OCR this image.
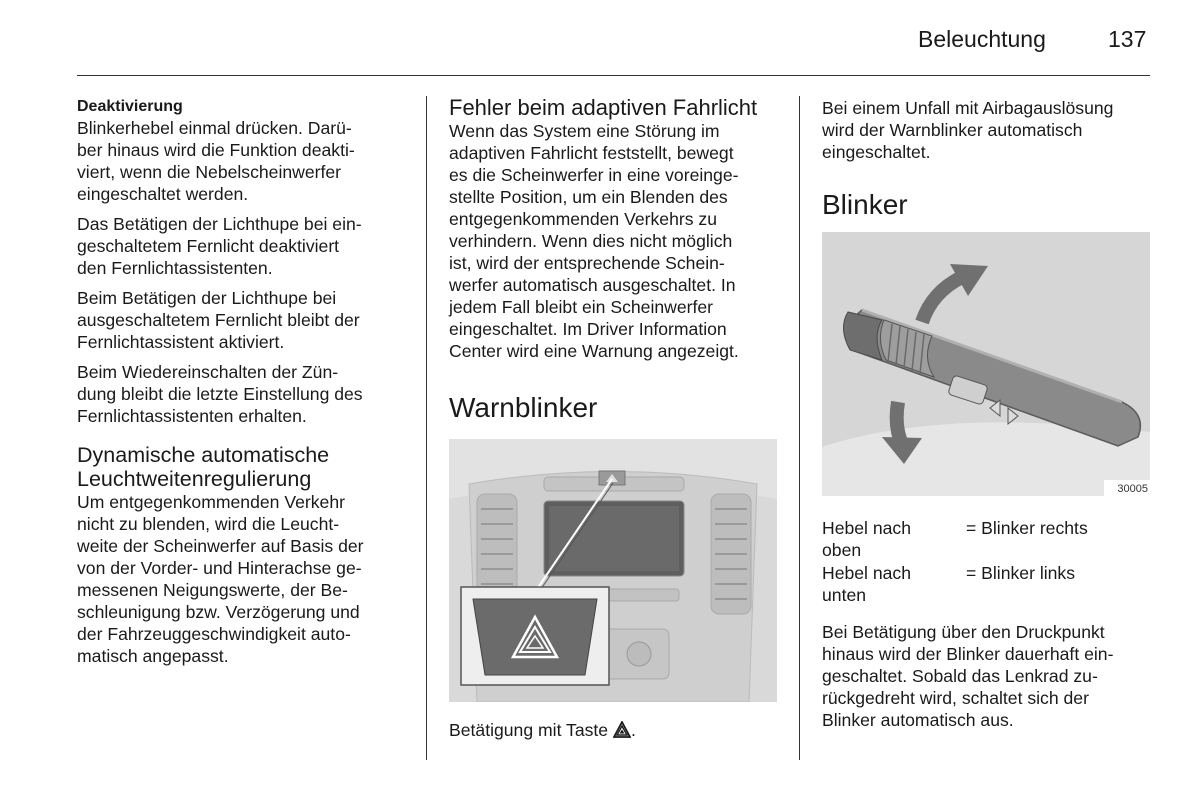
Beleuchtung	137

Deaktivierung

Blinkerhebel einmal drücken. Darü-
ber hinaus wird die Funktion deakti-
viert, wenn die Nebelscheinwerfer
eingeschaltet werden.

Das Betätigen der Lichthupe bei ein-
geschaltetem Fernlicht deaktiviert
den Fernlichtassistenten.

Beim Betätigen der Lichthupe bei
ausgeschaltetem Fernlicht bleibt der
Fernlichtassistent aktiviert.

Beim Wiedereinschalten der Zün-
dung bleibt die letzte Einstellung des
Fernlichtassistenten erhalten.

Dynamische automatische
Leuchtweitenregulierung

Um entgegenkommenden Verkehr
nicht zu blenden, wird die Leucht-
weite der Scheinwerfer auf Basis der
von der Vorder- und Hinterachse ge-
messenen Neigungswerte, der Be-
schleunigung bzw. Verzögerung und
der Fahrzeuggeschwindigkeit auto-
matisch angepasst.

Fehler beim adaptiven Fahrlicht

Wenn das System eine Störung im
adaptiven Fahrlicht feststellt, bewegt
es die Scheinwerfer in eine voreinge-
stellte Position, um ein Blenden des
entgegenkommenden Verkehrs zu
verhindern. Wenn dies nicht möglich
ist, wird der entsprechende Schein-
werfer automatisch ausgeschaltet. In
jedem Fall bleibt ein Scheinwerfer
eingeschaltet. Im Driver Information
Center wird eine Warnung angezeigt.

Warnblinker

Betätigung mit Taste .

Bei einem Unfall mit Airbagauslösung
wird der Warnblinker automatisch
eingeschaltet.

Blinker

30005
Hebel nach
oben
= Blinker rechts
Hebel nach
unten
= Blinker links
Bei Betätigung über den Druckpunkt
hinaus wird der Blinker dauerhaft ein-
geschaltet. Sobald das Lenkrad zu-
rückgedreht wird, schaltet sich der
Blinker automatisch aus.
